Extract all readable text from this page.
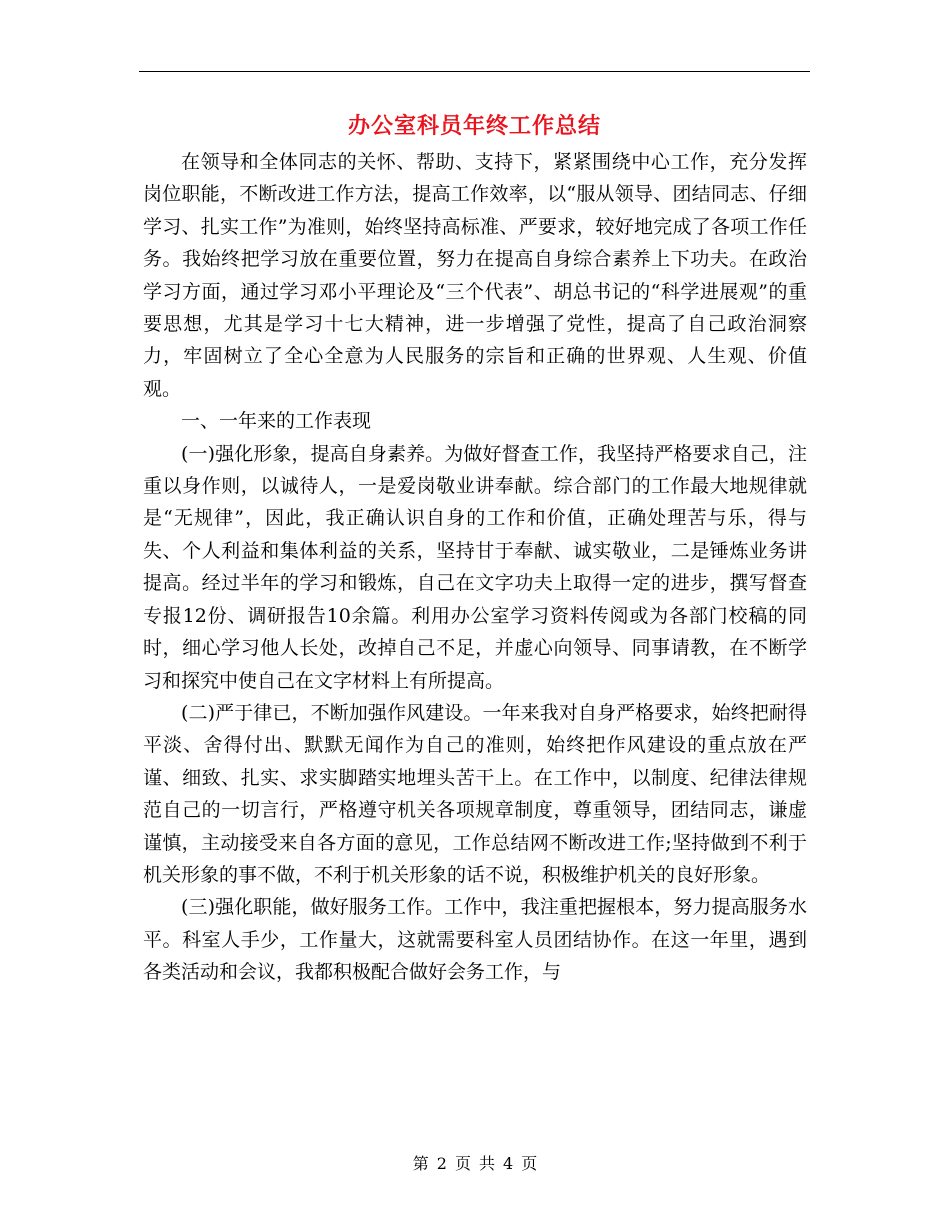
办公室科员年终工作总结

在领导和全体同志的关怀、帮助、支持下，紧紧围绕中心工作，充分发挥岗位职能，不断改进工作方法，提高工作效率，以“服从领导、团结同志、仔细学习、扎实工作”为准则，始终坚持高标准、严要求，较好地完成了各项工作任务。我始终把学习放在重要位置，努力在提高自身综合素养上下功夫。在政治学习方面，通过学习邓小平理论及“三个代表”、胡总书记的“科学进展观”的重要思想，尤其是学习十七大精神，进一步增强了党性，提高了自己政治洞察力，牢固树立了全心全意为人民服务的宗旨和正确的世界观、人生观、价值观。

一、一年来的工作表现

(一)强化形象，提高自身素养。为做好督查工作，我坚持严格要求自己，注重以身作则，以诚待人，一是爱岗敬业讲奉献。综合部门的工作最大地规律就是“无规律”，因此，我正确认识自身的工作和价值，正确处理苦与乐，得与失、个人利益和集体利益的关系，坚持甘于奉献、诚实敬业，二是锤炼业务讲提高。经过半年的学习和锻炼，自己在文字功夫上取得一定的进步，撰写督查专报12份、调研报告10余篇。利用办公室学习资料传阅或为各部门校稿的同时，细心学习他人长处，改掉自己不足，并虚心向领导、同事请教，在不断学习和探究中使自己在文字材料上有所提高。

(二)严于律已，不断加强作风建设。一年来我对自身严格要求，始终把耐得平淡、舍得付出、默默无闻作为自己的准则，始终把作风建设的重点放在严谨、细致、扎实、求实脚踏实地埋头苦干上。在工作中，以制度、纪律法律规范自己的一切言行，严格遵守机关各项规章制度，尊重领导，团结同志，谦虚谨慎，主动接受来自各方面的意见，工作总结网不断改进工作;坚持做到不利于机关形象的事不做，不利于机关形象的话不说，积极维护机关的良好形象。

(三)强化职能，做好服务工作。工作中，我注重把握根本，努力提高服务水平。科室人手少，工作量大，这就需要科室人员团结协作。在这一年里，遇到各类活动和会议，我都积极配合做好会务工作，与

第 2 页 共 4 页
